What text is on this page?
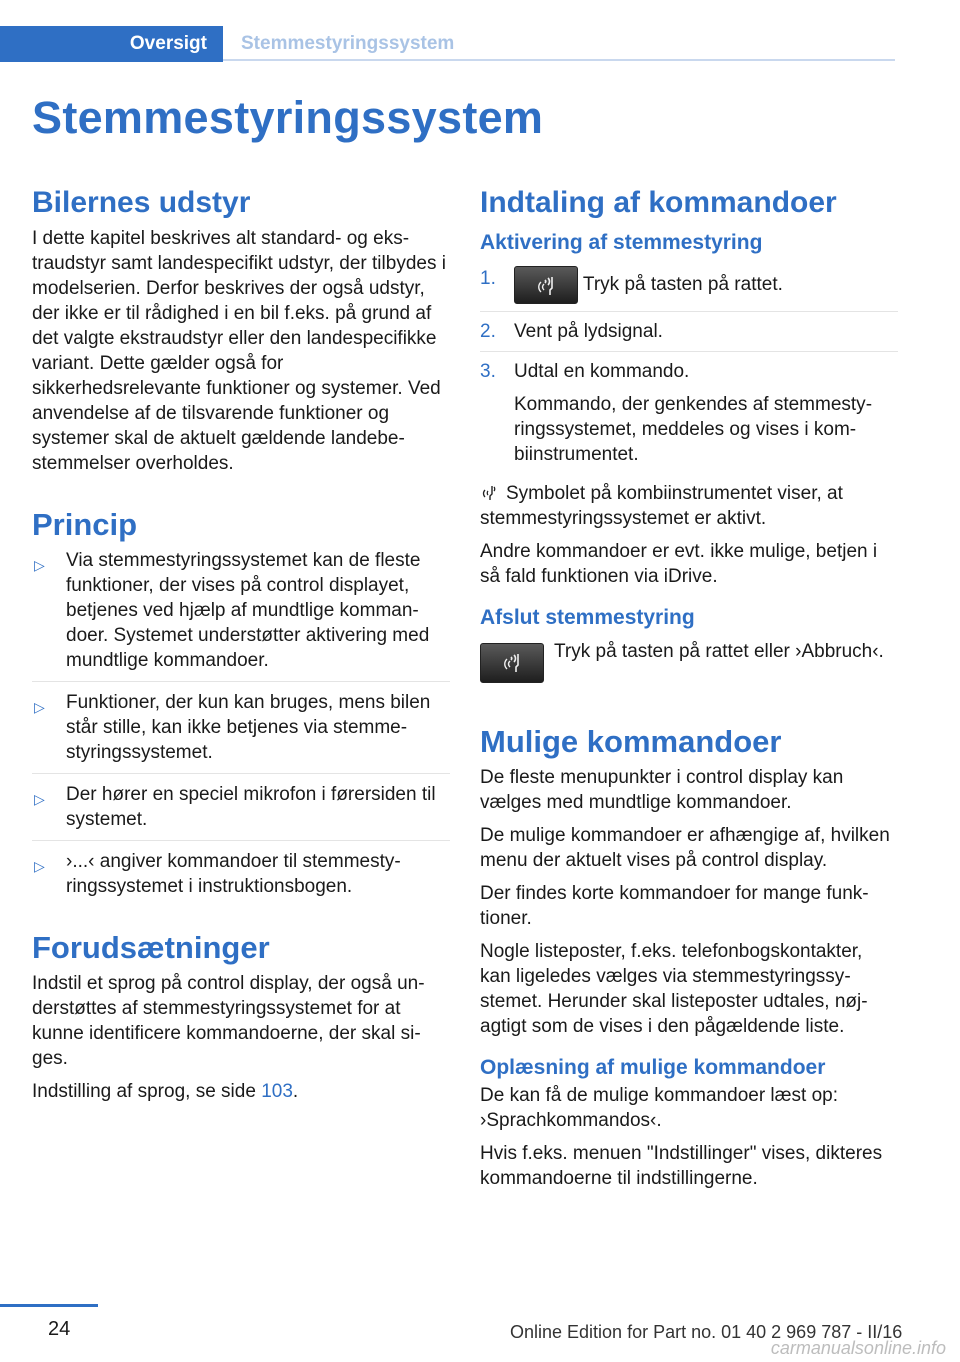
Oversigt	Stemmestyringssystem
Stemmestyringssystem
Bilernes udstyr

I dette kapitel beskrives alt standard- og ekstraudstyr samt landespecifikt udstyr, der tilbydes i modelserien. Derfor beskrives der også udstyr, der ikke er til rådighed i en bil f.eks. på grund af det valgte ekstraudstyr eller den landespecifikke variant. Dette gælder også for sikkerhedsrelevante funktioner og systemer. Ved anvendelse af de tilsvarende funktioner og systemer skal de aktuelt gældende landebestemmelser overholdes.

Princip
▷ Via stemmestyringssystemet kan de fleste funktioner, der vises på control displayet, betjenes ved hjælp af mundtlige kommandoer. Systemet understøtter aktivering med mundtlige kommandoer.
▷ Funktioner, der kun kan bruges, mens bilen står stille, kan ikke betjenes via stemmestyringssystemet.
▷ Der hører en speciel mikrofon i førersiden til systemet.
▷ ›...‹ angiver kommandoer til stemmestyringssystemet i instruktionsbogen.
Forudsætninger

Indstil et sprog på control display, der også understøttes af stemmestyringssystemet for at kunne identificere kommandoerne, der skal siges.

Indstilling af sprog, se side 103.

Indtaling af kommandoer
Aktivering af stemmestyring
1.	Tryk på tasten på rattet.
2. Vent på lydsignal.
3. Udtal en kommando.
Kommando, der genkendes af stemmestyringssystemet, meddeles og vises i kombiinstrumentet.

Symbolet på kombiinstrumentet viser, at stemmestyringssystemet er aktivt.

Andre kommandoer er evt. ikke mulige, betjen i så fald funktionen via iDrive.

Afslut stemmestyring

Tryk på tasten på rattet eller ›Abbruch‹.

Mulige kommandoer

De fleste menupunkter i control display kan vælges med mundtlige kommandoer.

De mulige kommandoer er afhængige af, hvilken menu der aktuelt vises på control display.

Der findes korte kommandoer for mange funktioner.

Nogle listeposter, f.eks. telefonbogskontakter, kan ligeledes vælges via stemmestyringssystemet. Herunder skal listeposter udtales, nøjagtigt som de vises i den pågældende liste.

Oplæsning af mulige kommandoer

De kan få de mulige kommandoer læst op: ›Sprachkommandos‹.

Hvis f.eks. menuen "Indstillinger" vises, dikteres kommandoerne til indstillingerne.

24	Online Edition for Part no. 01 40 2 969 787 - II/16
carmanualsonline.info
